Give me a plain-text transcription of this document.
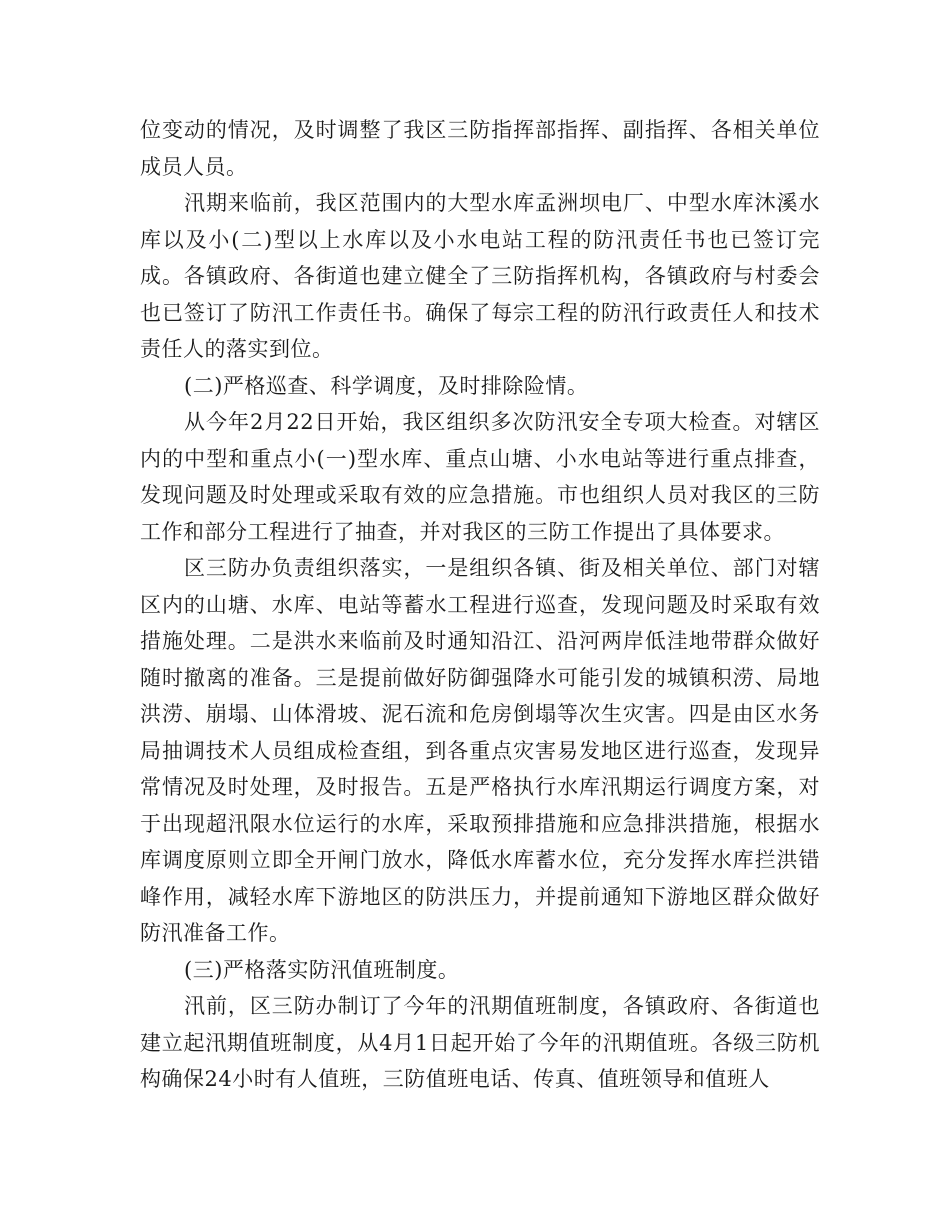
位变动的情况，及时调整了我区三防指挥部指挥、副指挥、各相关单位成员人员。

汛期来临前，我区范围内的大型水库孟洲坝电厂、中型水库沐溪水库以及小(二)型以上水库以及小水电站工程的防汛责任书也已签订完成。各镇政府、各街道也建立健全了三防指挥机构，各镇政府与村委会也已签订了防汛工作责任书。确保了每宗工程的防汛行政责任人和技术责任人的落实到位。

(二)严格巡查、科学调度，及时排除险情。

从今年2月22日开始，我区组织多次防汛安全专项大检查。对辖区内的中型和重点小(一)型水库、重点山塘、小水电站等进行重点排查，发现问题及时处理或采取有效的应急措施。市也组织人员对我区的三防工作和部分工程进行了抽查，并对我区的三防工作提出了具体要求。

区三防办负责组织落实，一是组织各镇、街及相关单位、部门对辖区内的山塘、水库、电站等蓄水工程进行巡查，发现问题及时采取有效措施处理。二是洪水来临前及时通知沿江、沿河两岸低洼地带群众做好随时撤离的准备。三是提前做好防御强降水可能引发的城镇积涝、局地洪涝、崩塌、山体滑坡、泥石流和危房倒塌等次生灾害。四是由区水务局抽调技术人员组成检查组，到各重点灾害易发地区进行巡查，发现异常情况及时处理，及时报告。五是严格执行水库汛期运行调度方案，对于出现超汛限水位运行的水库，采取预排措施和应急排洪措施，根据水库调度原则立即全开闸门放水，降低水库蓄水位，充分发挥水库拦洪错峰作用，减轻水库下游地区的防洪压力，并提前通知下游地区群众做好防汛准备工作。

(三)严格落实防汛值班制度。

汛前，区三防办制订了今年的汛期值班制度，各镇政府、各街道也建立起汛期值班制度，从4月1日起开始了今年的汛期值班。各级三防机构确保24小时有人值班，三防值班电话、传真、值班领导和值班人
